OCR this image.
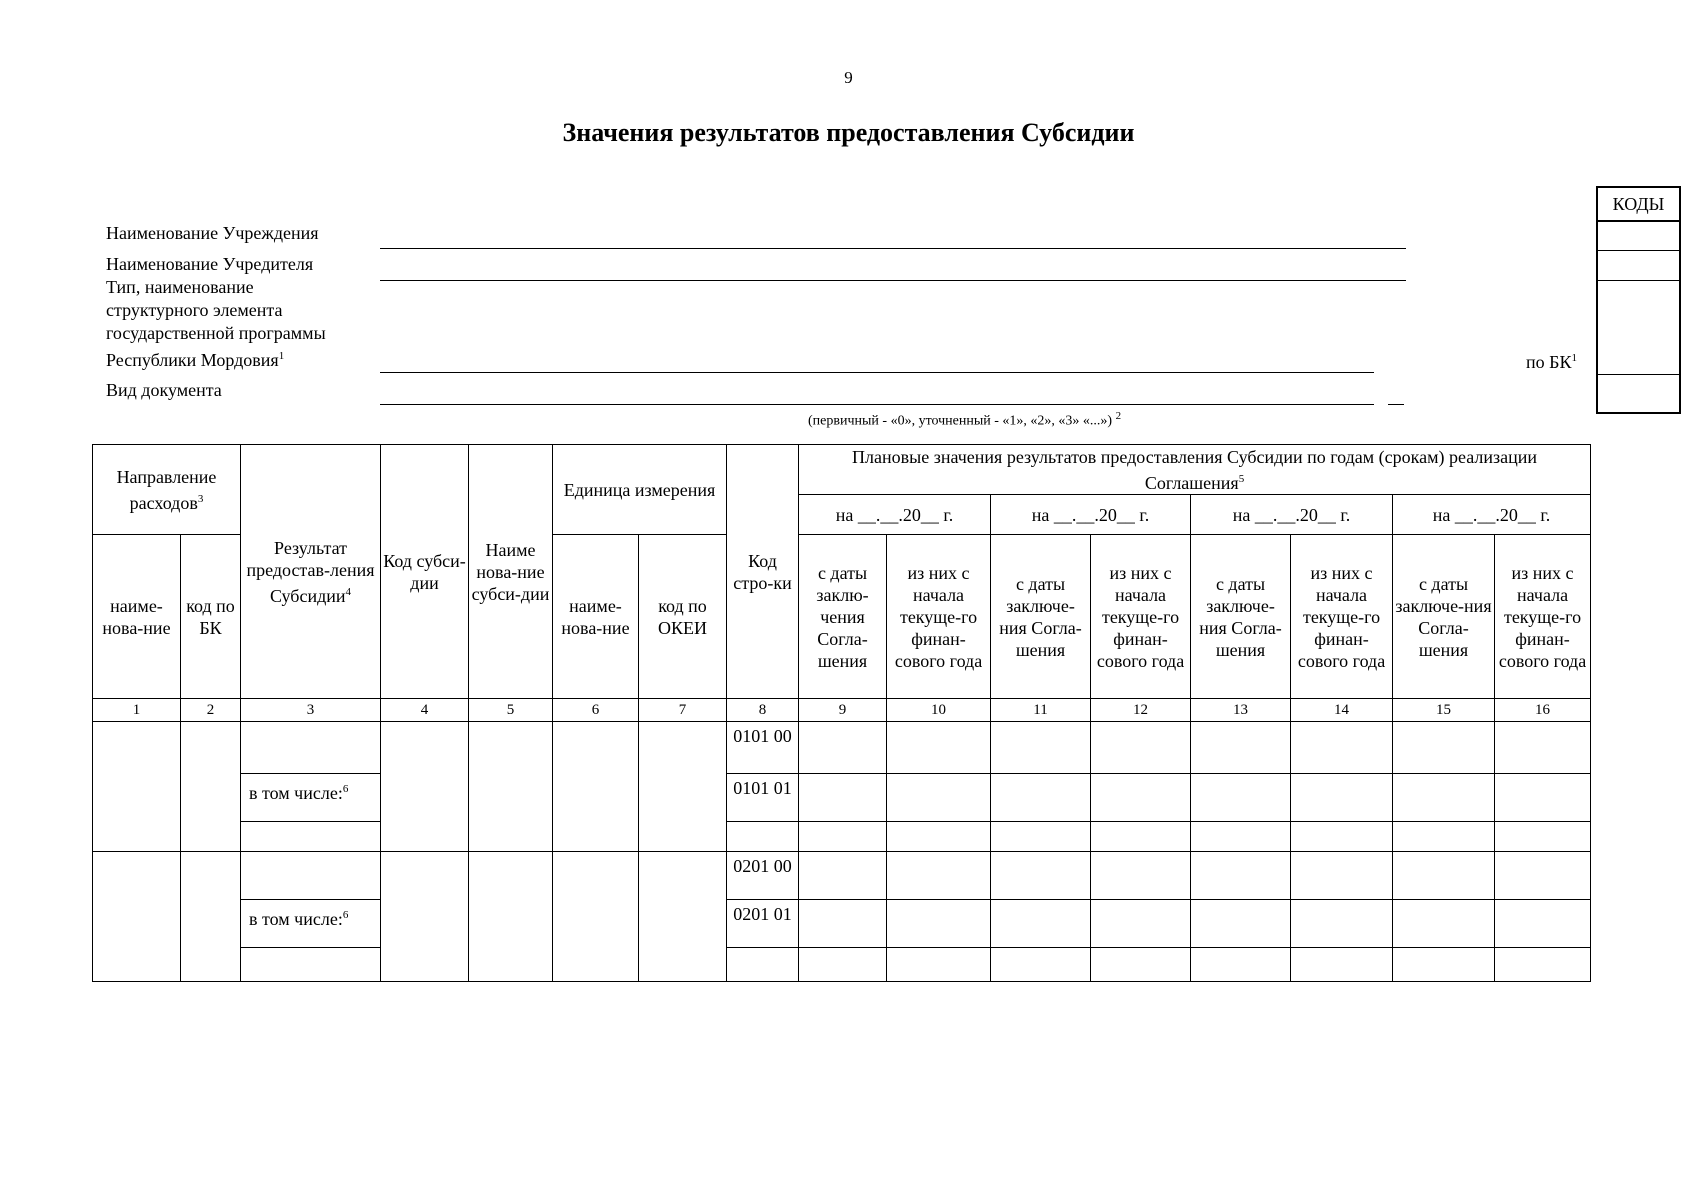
9
Значения результатов предоставления Субсидии
Наименование Учреждения
Наименование Учредителя
Тип, наименование
структурного элемента
государственной программы
Республики Мордовия$^1$
Вид документа
(первичный - «0», уточненный - «1», «2», «3» «...») $^2$
КОДЫ
по $БК^1$
Направление расходов$^3$		Результат предостав-ления Субсидии$^4$	Код субси-дии	Наиме нова-ние субси-дии	Единица измерения		Код стро-ки	Плановые значения результатов предоставления Субсидии по годам (срокам) реализации Соглашения$^5$
								на __.__.20__ г.		на __.__.20__ г.		на __.__.20__ г.		на __.__.20__ г.	
наиме-нова-ние	код по БК				наиме-нова-ние	код по ОКЕИ		с даты заклю-чения Согла-шения	из них с начала текуще-го финан-сового года	с даты заключе-ния Согла-шения	из них с начала текуще-го финан-сового года	с даты заключе-ния Согла-шения	из них с начала текуще-го финан-сового года	с даты заключе-ния Согла-шения	из них с начала текуще-го финан-сового года
1	2	3	4	5	6	7	8	9	10	11	12	13	14	15	16
							0101 00								
		в том числе:$^6$					0101 01								

							0201 00								
		в том числе:$^6$					0201 01								
